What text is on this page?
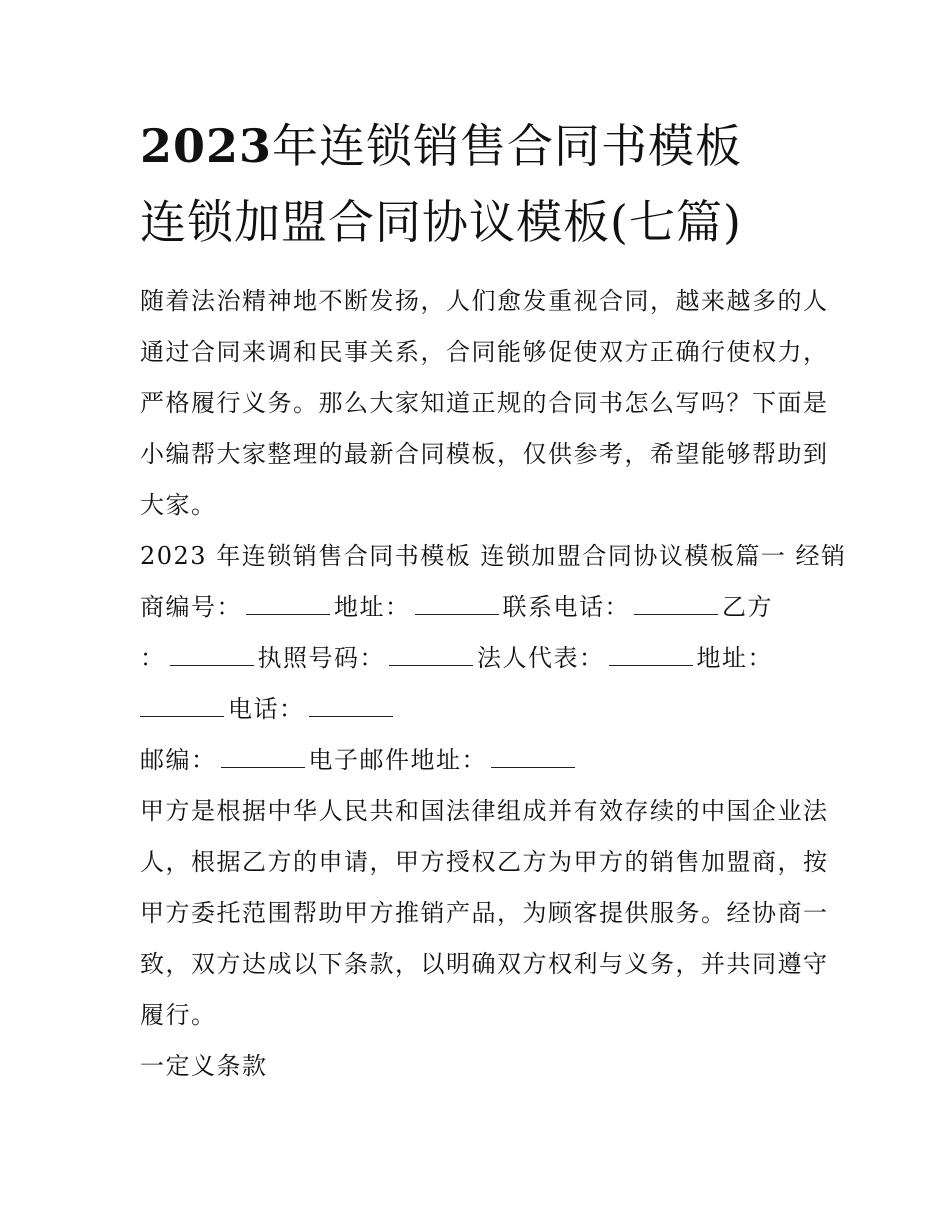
2023年连锁销售合同书模板
连锁加盟合同协议模板(七篇)
随着法治精神地不断发扬，人们愈发重视合同，越来越多的人
通过合同来调和民事关系，合同能够促使双方正确行使权力，
严格履行义务。那么大家知道正规的合同书怎么写吗？下面是
小编帮大家整理的最新合同模板，仅供参考，希望能够帮助到
大家。
2023 年连锁销售合同书模板 连锁加盟合同协议模板篇一 经销
商编号：	地址：	联系电话：	乙方
：	执照号码：	法人代表：	地址：
电话：
邮编：	电子邮件地址：
甲方是根据中华人民共和国法律组成并有效存续的中国企业法
人，根据乙方的申请，甲方授权乙方为甲方的销售加盟商，按
甲方委托范围帮助甲方推销产品，为顾客提供服务。经协商一
致，双方达成以下条款，以明确双方权利与义务，并共同遵守
履行。
一定义条款
